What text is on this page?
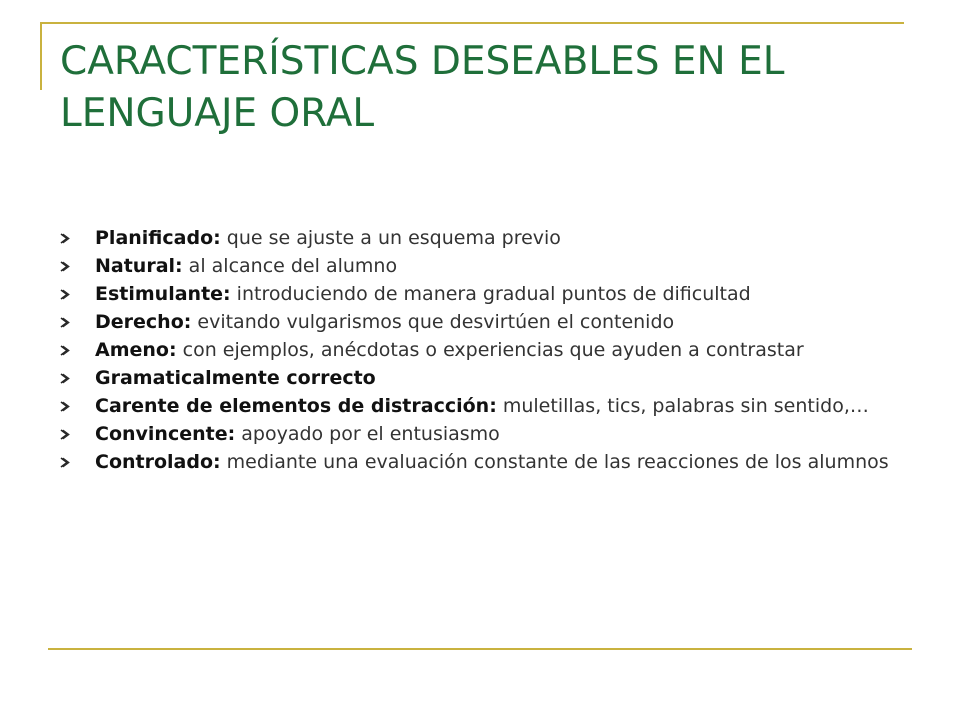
CARACTERÍSTICAS DESEABLES EN EL LENGUAJE ORAL
Planificado: que se ajuste a un esquema previo
Natural: al alcance del alumno
Estimulante: introduciendo de manera gradual puntos de dificultad
Derecho: evitando vulgarismos que desvirtúen el contenido
Ameno: con ejemplos, anécdotas o experiencias que ayuden a contrastar
Gramaticalmente correcto
Carente de elementos de distracción: muletillas, tics, palabras sin sentido,…
Convincente: apoyado por el entusiasmo
Controlado: mediante una evaluación constante de las reacciones de los alumnos
